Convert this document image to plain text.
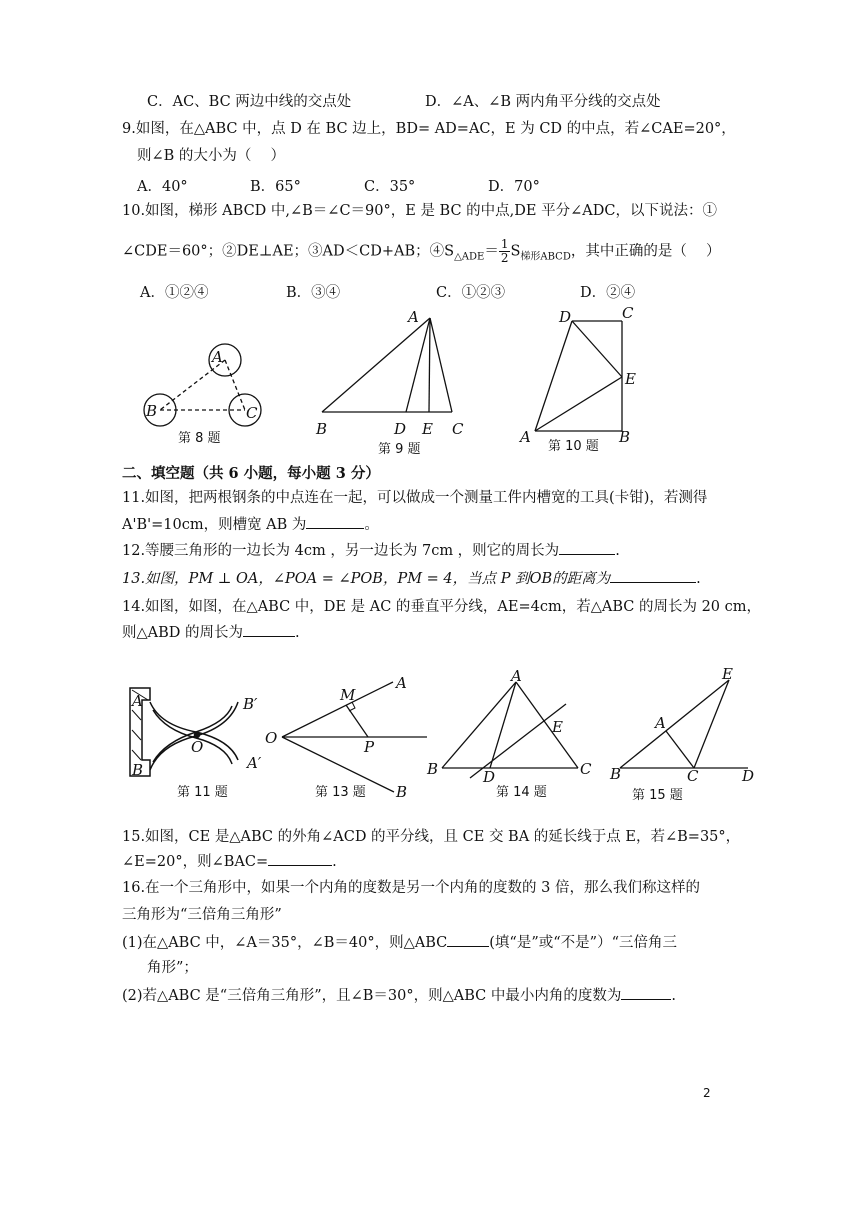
C．AC、BC 两边中线的交点处	D．∠A、∠B 两内角平分线的交点处
9.如图，在△ABC 中，点 D 在 BC 边上，BD= AD=AC，E 为 CD 的中点，若∠CAE=20°，
则∠B 的大小为（　 ）
A．40°	B．65°	C．35°	D．70°
10.如图，梯形 ABCD 中,∠B＝∠C＝90°，E 是 BC 的中点,DE 平分∠ADC，以下说法：①
∠CDE＝60°；②DE⊥AE；③AD＜CD+AB；$④S_{\triangle ADE}= \frac{1}{2} S_{梯形ABCD}$，其中正确的是（　 ）
A．①②④	B．③④	C．①②③	D．②④
A
B	C
第 8 题
A
B	D E C
第 9 题
D	C
E
A	B
第 10 题
A
B
B′
A′
O
第 11 题
M
A
O	P
B
第 13 题
A
E
B	D	C
第 14 题
E
A
B	C	D
第 15 题
二、填空题（共 6 小题，每小题 3 分）
11.如图，把两根钢条的中点连在一起，可以做成一个测量工件内槽宽的工具(卡钳)，若测得
A'B'=10cm，则槽宽 AB 为	。
12.等腰三角形的一边长为 4cm ，另一边长为 7cm ，则它的周长为	.
13.如图，PM ⊥ OA，∠POA = ∠POB，PM = 4，当点 P 到OB的距离为	.
14.如图，如图，在△ABC 中，DE 是 AC 的垂直平分线，AE=4cm，若△ABC 的周长为 20 cm，
则△ABD 的周长为	.
15.如图，CE 是△ABC 的外角∠ACD 的平分线，且 CE 交 BA 的延长线于点 E，若∠B=35°，
∠E=20°，则∠BAC=	.
16.在一个三角形中，如果一个内角的度数是另一个内角的度数的 3 倍，那么我们称这样的
三角形为“三倍角三角形”
(1)在△ABC 中，∠A＝35°，∠B＝40°，则△ABC	(填“是”或“不是”）“三倍角三
角形”；
(2)若△ABC 是“三倍角三角形”，且∠B＝30°，则△ABC 中最小内角的度数为	.
2
